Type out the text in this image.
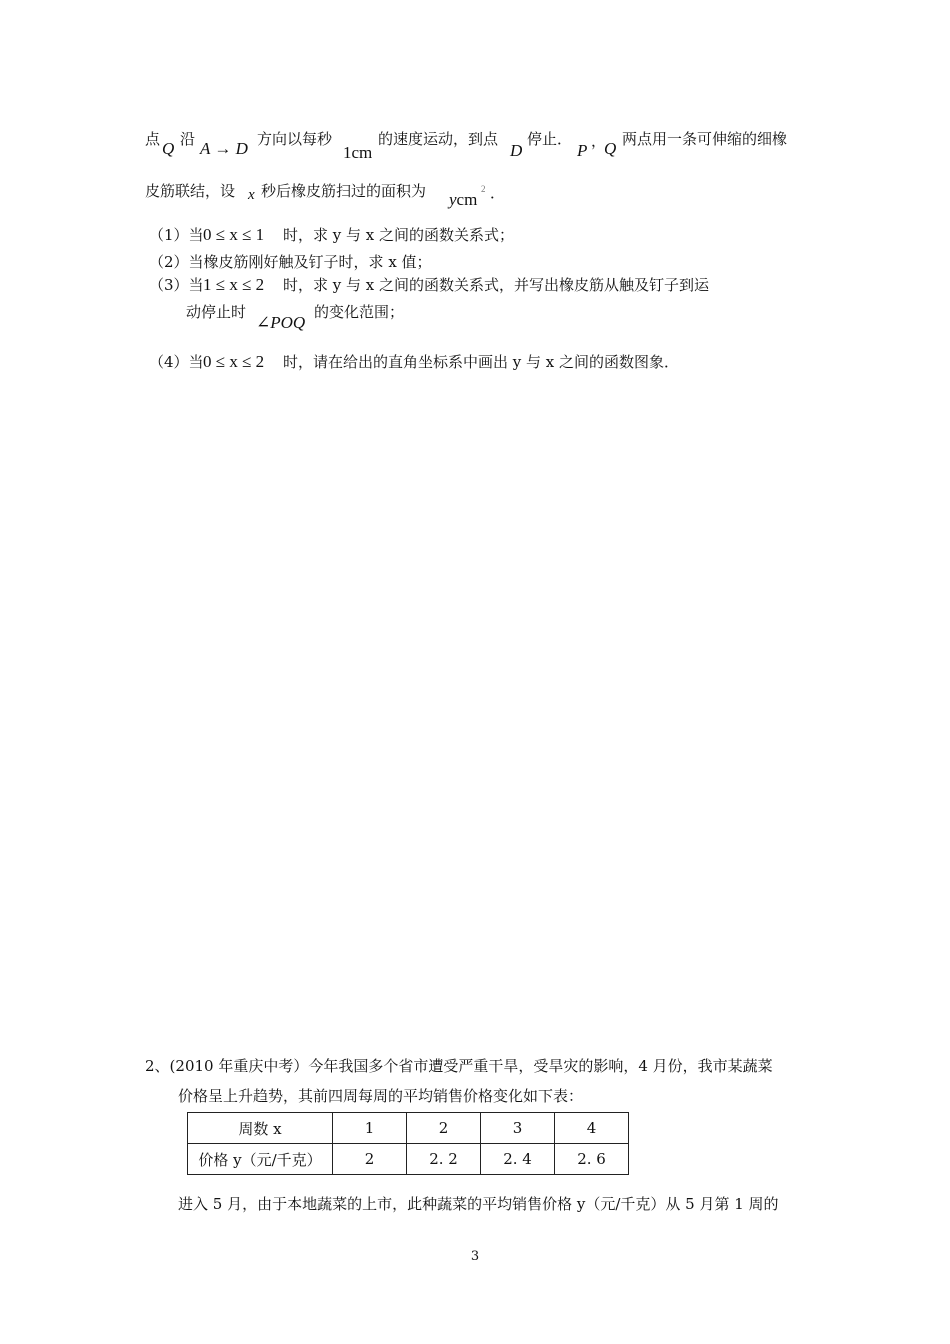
点 Q 沿 A → D 方向以每秒
1cm
的速度运动，到点
D
停止．
P ，
Q 两点用一条可伸缩的细橡
皮筋联结，设 x 秒后橡皮筋扫过的面积为 ycm
2 ．
（1）当 0 ≤ x ≤ 1 时，求 y 与 x 之间的函数关系式；
（2）当橡皮筋刚好触及钉子时，求 x 值；
（3）当 1 ≤ x ≤ 2 时，求 y 与 x 之间的函数关系式，并写出橡皮筋从触及钉子到运
动停止时
∠POQ
的变化范围；
（4）当 0 ≤ x ≤ 2 时，请在给出的直角坐标系中画出 y 与 x 之间的函数图象．
2、(2010 年重庆中考）今年我国多个省市遭受严重干旱，受旱灾的影响，4 月份，我市某蔬菜
价格呈上升趋势，其前四周每周的平均销售价格变化如下表：
周数 x	1	2	3	4
价格 y（元/千克）	2	2. 2	2. 4	2. 6
进入 5 月，由于本地蔬菜的上市，此种蔬菜的平均销售价格 y（元/千克）从 5 月第 1 周的
3
